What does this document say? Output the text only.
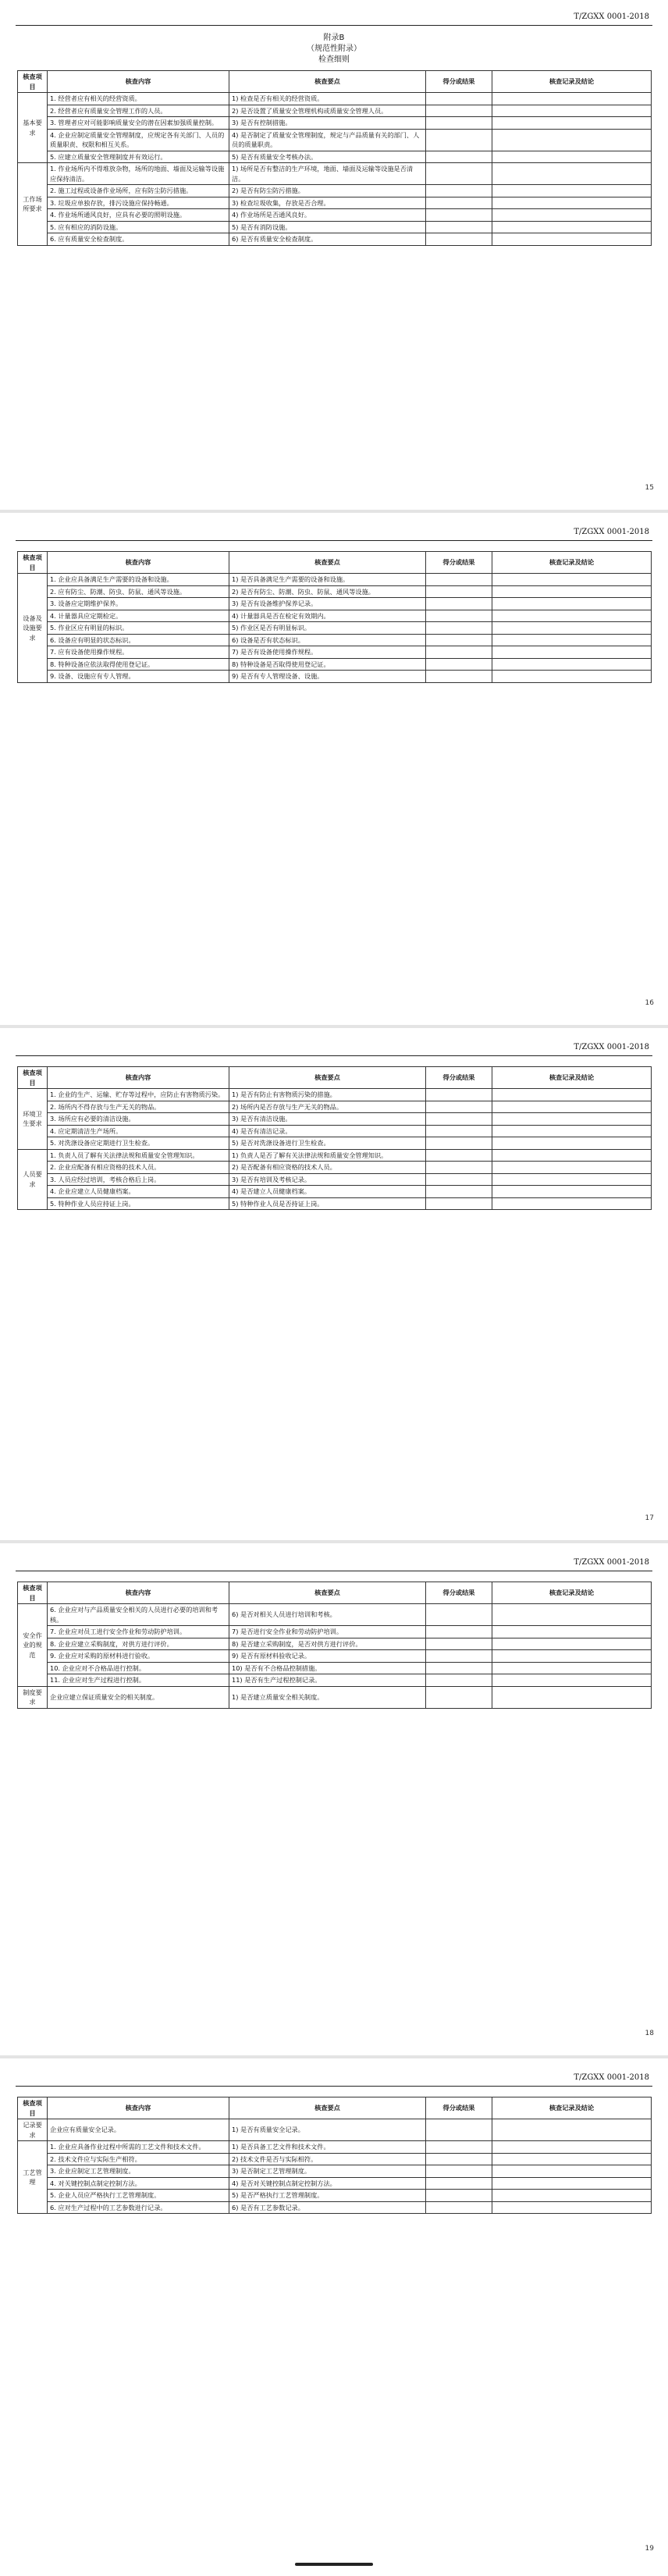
T/ZGXX 0001-2018
附录B
（规范性附录）
检查细则
核查项目	核查内容	核查要点	得分或结果	核查记录及结论
基本要求	1. 经营者应有相关的经营资质。	1) 检查是否有相关的经营资质。		
	2. 经营者应有质量安全管理工作的人员。	2) 是否设置了质量安全管理机构或质量安全管理人员。		
	3. 管理者应对可能影响质量安全的潜在因素加强质量控制。	3) 是否有控制措施。		
	4. 企业应制定质量安全管理制度，应规定各有关部门、人员的质量职责、权限和相互关系。	4) 是否制定了质量安全管理制度，规定与产品质量有关的部门、人员的质量职责。		
	5. 应建立质量安全管理制度并有效运行。	5) 是否有质量安全考核办法。		
工作场所要求	1. 作业场所内不得堆放杂物，场所的地面、墙面及运输等设施应保持清洁。	1) 场所是否有整洁的生产环境，地面、墙面及运输等设施是否清洁。		
	2. 施工过程或设备作业场所，应有防尘防污措施。	2) 是否有防尘防污措施。		
	3. 垃圾应单独存放，排污设施应保持畅通。	3) 检查垃圾收集，存放是否合理。		
	4. 作业场所通风良好，应具有必要的照明设施。	4) 作业场所是否通风良好。		
	5. 应有相应的消防设施。	5) 是否有消防设施。		
	6. 应有质量安全检查制度。	6) 是否有质量安全检查制度。		
15
T/ZGXX 0001-2018
核查项目	核查内容	核查要点	得分或结果	核查记录及结论
设备及设施要求	1. 企业应具备满足生产需要的设备和设施。	1) 是否具备满足生产需要的设备和设施。		
	2. 应有防尘、防潮、防虫、防鼠、通风等设施。	2) 是否有防尘、防潮、防虫、防鼠、通风等设施。		
	3. 设备应定期维护保养。	3) 是否有设备维护保养记录。		
	4. 计量器具应定期检定。	4) 计量器具是否在检定有效期内。		
	5. 作业区应有明显的标识。	5) 作业区是否有明显标识。		
	6. 设备应有明显的状态标识。	6) 设备是否有状态标识。		
	7. 应有设备使用操作规程。	7) 是否有设备使用操作规程。		
	8. 特种设备应依法取得使用登记证。	8) 特种设备是否取得使用登记证。		
	9. 设备、设施应有专人管理。	9) 是否有专人管理设备、设施。		
16
T/ZGXX 0001-2018
核查项目	核查内容	核查要点	得分或结果	核查记录及结论
环境卫生要求	1. 企业的生产、运输、贮存等过程中，应防止有害物质污染。	1) 是否有防止有害物质污染的措施。		
	2. 场所内不得存放与生产无关的物品。	2) 场所内是否存放与生产无关的物品。		
	3. 场所应有必要的清洁设施。	3) 是否有清洁设施。		
	4. 应定期清洁生产场所。	4) 是否有清洁记录。		
	5. 对洗涤设备应定期进行卫生检查。	5) 是否对洗涤设备进行卫生检查。		
人员要求	1. 负责人员了解有关法律法规和质量安全管理知识。	1) 负责人是否了解有关法律法规和质量安全管理知识。		
	2. 企业应配备有相应资格的技术人员。	2) 是否配备有相应资格的技术人员。		
	3. 人员应经过培训，考核合格后上岗。	3) 是否有培训及考核记录。		
	4. 企业应建立人员健康档案。	4) 是否建立人员健康档案。		
	5. 特种作业人员应持证上岗。	5) 特种作业人员是否持证上岗。		
17
T/ZGXX 0001-2018
核查项目	核查内容	核查要点	得分或结果	核查记录及结论
安全作业的规范	6. 企业应对与产品质量安全相关的人员进行必要的培训和考核。	6) 是否对相关人员进行培训和考核。		
	7. 企业应对员工进行安全作业和劳动防护培训。	7) 是否进行安全作业和劳动防护培训。		
	8. 企业应建立采购制度，对供方进行评价。	8) 是否建立采购制度，是否对供方进行评价。		
	9. 企业应对采购的原材料进行验收。	9) 是否有原材料验收记录。		
	10. 企业应对不合格品进行控制。	10) 是否有不合格品控制措施。		
	11. 企业应对生产过程进行控制。	11) 是否有生产过程控制记录。		
制度要求	企业应建立保证质量安全的相关制度。	1) 是否建立质量安全相关制度。		
18
T/ZGXX 0001-2018
核查项目	核查内容	核查要点	得分或结果	核查记录及结论
记录要求	企业应有质量安全记录。	1) 是否有质量安全记录。		
工艺管理	1. 企业应具备作业过程中所需的工艺文件和技术文件。	1) 是否具备工艺文件和技术文件。		
	2. 技术文件应与实际生产相符。	2) 技术文件是否与实际相符。		
	3. 企业应制定工艺管理制度。	3) 是否制定工艺管理制度。		
	4. 对关键控制点制定控制方法。	4) 是否对关键控制点制定控制方法。		
	5. 企业人员应严格执行工艺管理制度。	5) 是否严格执行工艺管理制度。		
	6. 应对生产过程中的工艺参数进行记录。	6) 是否有工艺参数记录。		
19
